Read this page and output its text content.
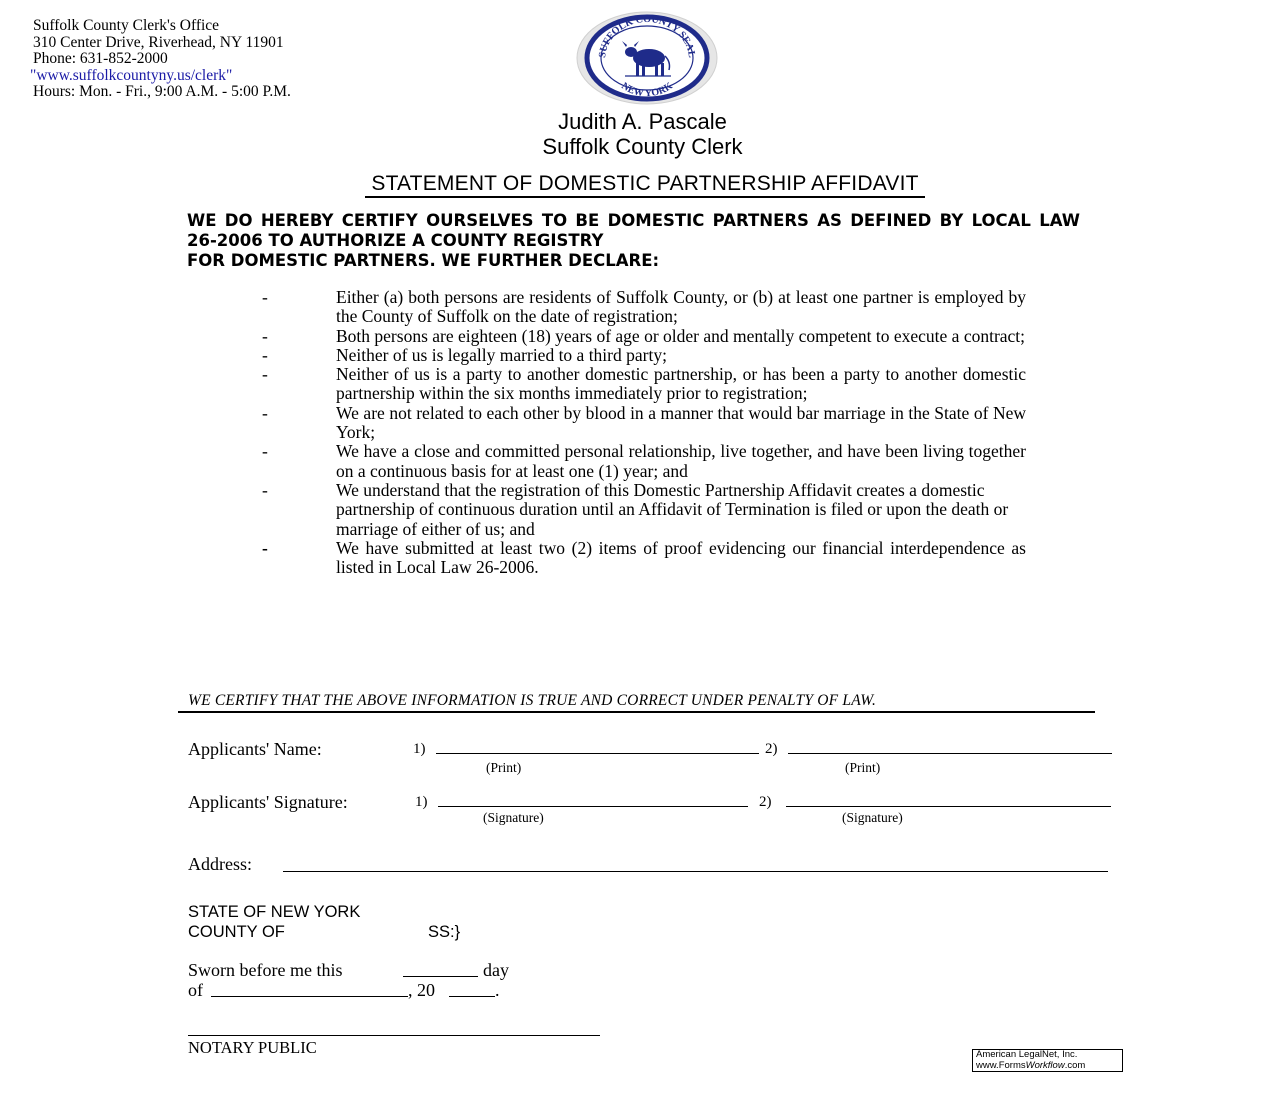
Suffolk County Clerk's Office
310 Center Drive, Riverhead, NY 11901
Phone: 631-852-2000
"www.suffolkcountyny.us/clerk"
Hours: Mon. - Fri., 9:00 A.M. - 5:00 P.M.
SUFFOLK COUNTY SEAL
NEW YORK
Judith A. Pascale
Suffolk County Clerk
STATEMENT OF DOMESTIC PARTNERSHIP AFFIDAVIT
WE DO HEREBY CERTIFY OURSELVES TO BE DOMESTIC PARTNERS AS DEFINED BY LOCAL LAW 26-2006 TO AUTHORIZE A COUNTY REGISTRY
FOR DOMESTIC PARTNERS. WE FURTHER DECLARE:
-	Either (a) both persons are residents of Suffolk County, or (b) at least one partner is employed by the County of Suffolk on the date of registration;
-	Both persons are eighteen (18) years of age or older and mentally competent to execute a contract;
-	Neither of us is legally married to a third party;
-	Neither of us is a party to another domestic partnership, or has been a party to another domestic partnership within the six months immediately prior to registration;
-	We are not related to each other by blood in a manner that would bar marriage in the State of New York;
-	We have a close and committed personal relationship, live together, and have been living together on a continuous basis for at least one (1) year; and
-	We understand that the registration of this Domestic Partnership Affidavit creates a domestic partnership of continuous duration until an Affidavit of Termination is filed or upon the death or marriage of either of us; and
-	We have submitted at least two (2) items of proof evidencing our financial interdependence as listed in Local Law 26-2006.
WE CERTIFY THAT THE ABOVE INFORMATION IS TRUE AND CORRECT UNDER PENALTY OF LAW.
Applicants' Name:	1)
(Print)
2)
(Print)
Applicants' Signature:	1)
(Signature)
2)
(Signature)
Address:
STATE OF NEW YORK
COUNTY OF	SS:}
Sworn before me this	day
of	, 20	.
NOTARY PUBLIC	American LegalNet, Inc.
www.FormsWorkflow.com
